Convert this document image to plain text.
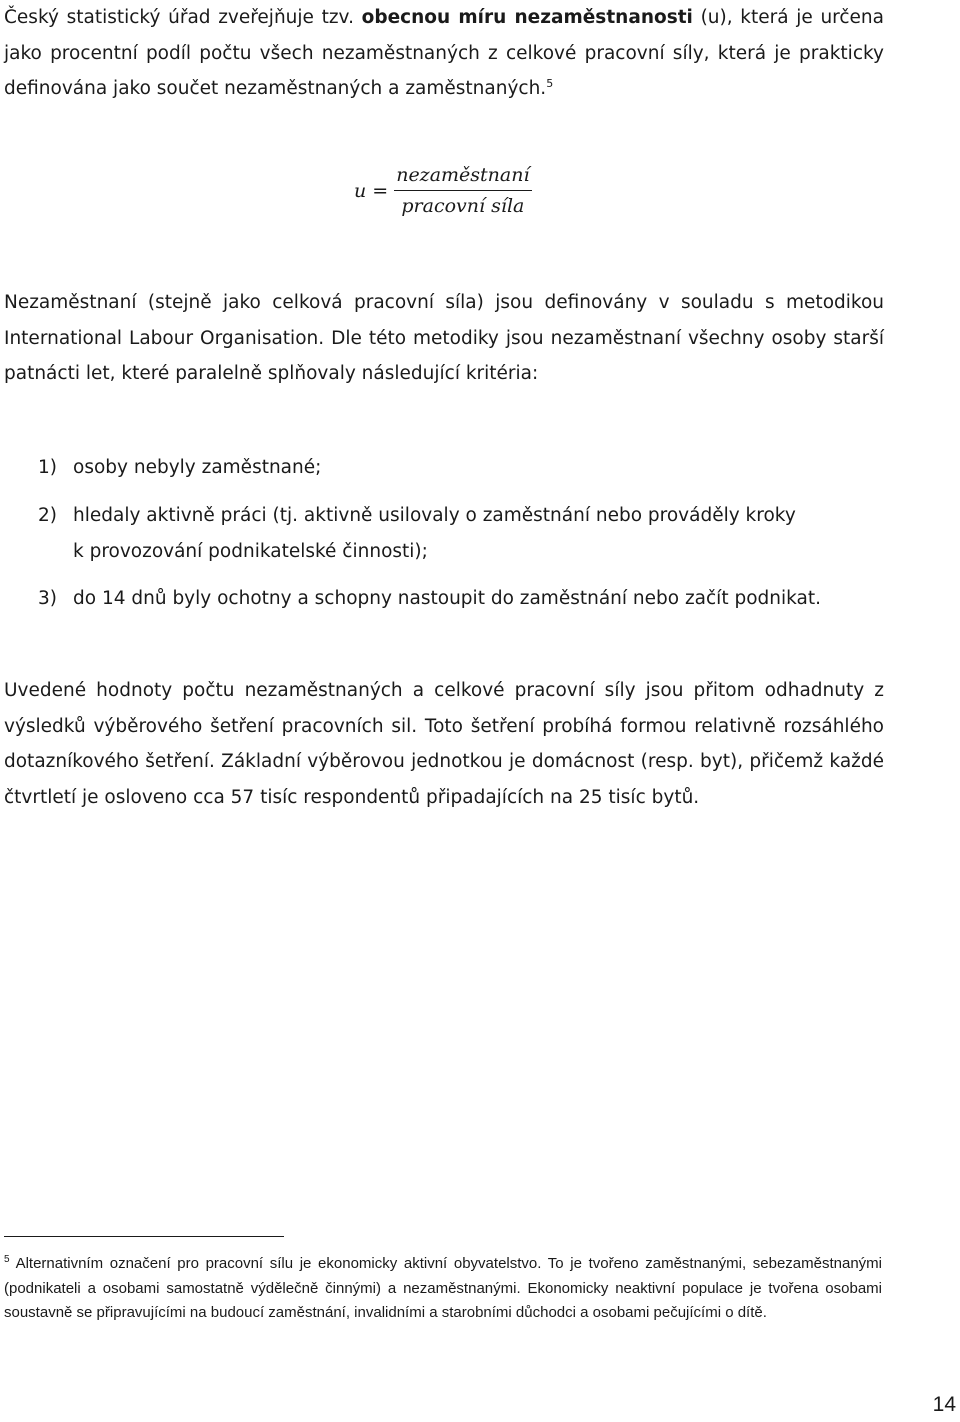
Český statistický úřad zveřejňuje tzv. obecnou míru nezaměstnanosti (u), která je určena jako procentní podíl počtu všech nezaměstnaných z celkové pracovní síly, která je prakticky definována jako součet nezaměstnaných a zaměstnaných.$^5$

$u = \frac{\text{nezaměstnaní}}{\text{pracovní síla}}$

Nezaměstnaní (stejně jako celková pracovní síla) jsou definovány v souladu s metodikou International Labour Organisation. Dle této metodiky jsou nezaměstnaní všechny osoby starší patnácti let, které paralelně splňovaly následující kritéria:

1) osoby nebyly zaměstnané;
2) hledaly aktivně práci (tj. aktivně usilovaly o zaměstnání nebo prováděly kroky
k provozování podnikatelské činnosti);
3) do 14 dnů byly ochotny a schopny nastoupit do zaměstnání nebo začít podnikat.

Uvedené hodnoty počtu nezaměstnaných a celkové pracovní síly jsou přitom odhadnuty z výsledků výběrového šetření pracovních sil. Toto šetření probíhá formou relativně rozsáhlého dotazníkového šetření. Základní výběrovou jednotkou je domácnost (resp. byt), přičemž každé čtvrtletí je osloveno cca 57 tisíc respondentů připadajících na 25 tisíc bytů.

$^5$ Alternativním označení pro pracovní sílu je ekonomicky aktivní obyvatelstvo. To je tvořeno zaměstnanými, sebezaměstnanými (podnikateli a osobami samostatně výdělečně činnými) a nezaměstnanými. Ekonomicky neaktivní populace je tvořena osobami soustavně se připravujícími na budoucí zaměstnání, invalidními a starobními důchodci a osobami pečujícími o dítě.

14
